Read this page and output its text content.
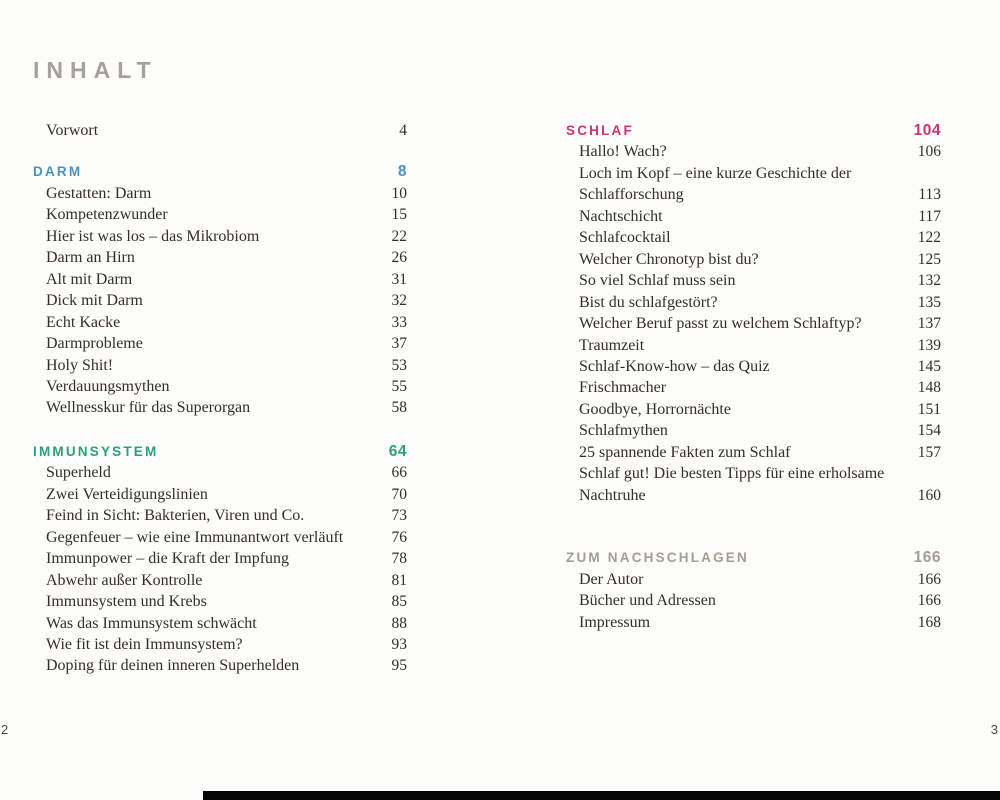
INHALT
Vorwort	4
DARM	8
Gestatten: Darm	10
Kompetenzwunder	15
Hier ist was los – das Mikrobiom	22
Darm an Hirn	26
Alt mit Darm	31
Dick mit Darm	32
Echt Kacke	33
Darmprobleme	37
Holy Shit!	53
Verdauungsmythen	55
Wellnesskur für das Superorgan	58
IMMUNSYSTEM	64
Superheld	66
Zwei Verteidigungslinien	70
Feind in Sicht: Bakterien, Viren und Co.	73
Gegenfeuer – wie eine Immunantwort verläuft	76
Immunpower – die Kraft der Impfung	78
Abwehr außer Kontrolle	81
Immunsystem und Krebs	85
Was das Immunsystem schwächt	88
Wie fit ist dein Immunsystem?	93
Doping für deinen inneren Superhelden	95
SCHLAF	104
Hallo! Wach?	106
Loch im Kopf – eine kurze Geschichte der
Schlafforschung	113
Nachtschicht	117
Schlafcocktail	122
Welcher Chronotyp bist du?	125
So viel Schlaf muss sein	132
Bist du schlafgestört?	135
Welcher Beruf passt zu welchem Schlaftyp?	137
Traumzeit	139
Schlaf-Know-how – das Quiz	145
Frischmacher	148
Goodbye, Horrornächte	151
Schlafmythen	154
25 spannende Fakten zum Schlaf	157
Schlaf gut! Die besten Tipps für eine erholsame
Nachtruhe	160
ZUM NACHSCHLAGEN	166
Der Autor	166
Bücher und Adressen	166
Impressum	168
2	3
